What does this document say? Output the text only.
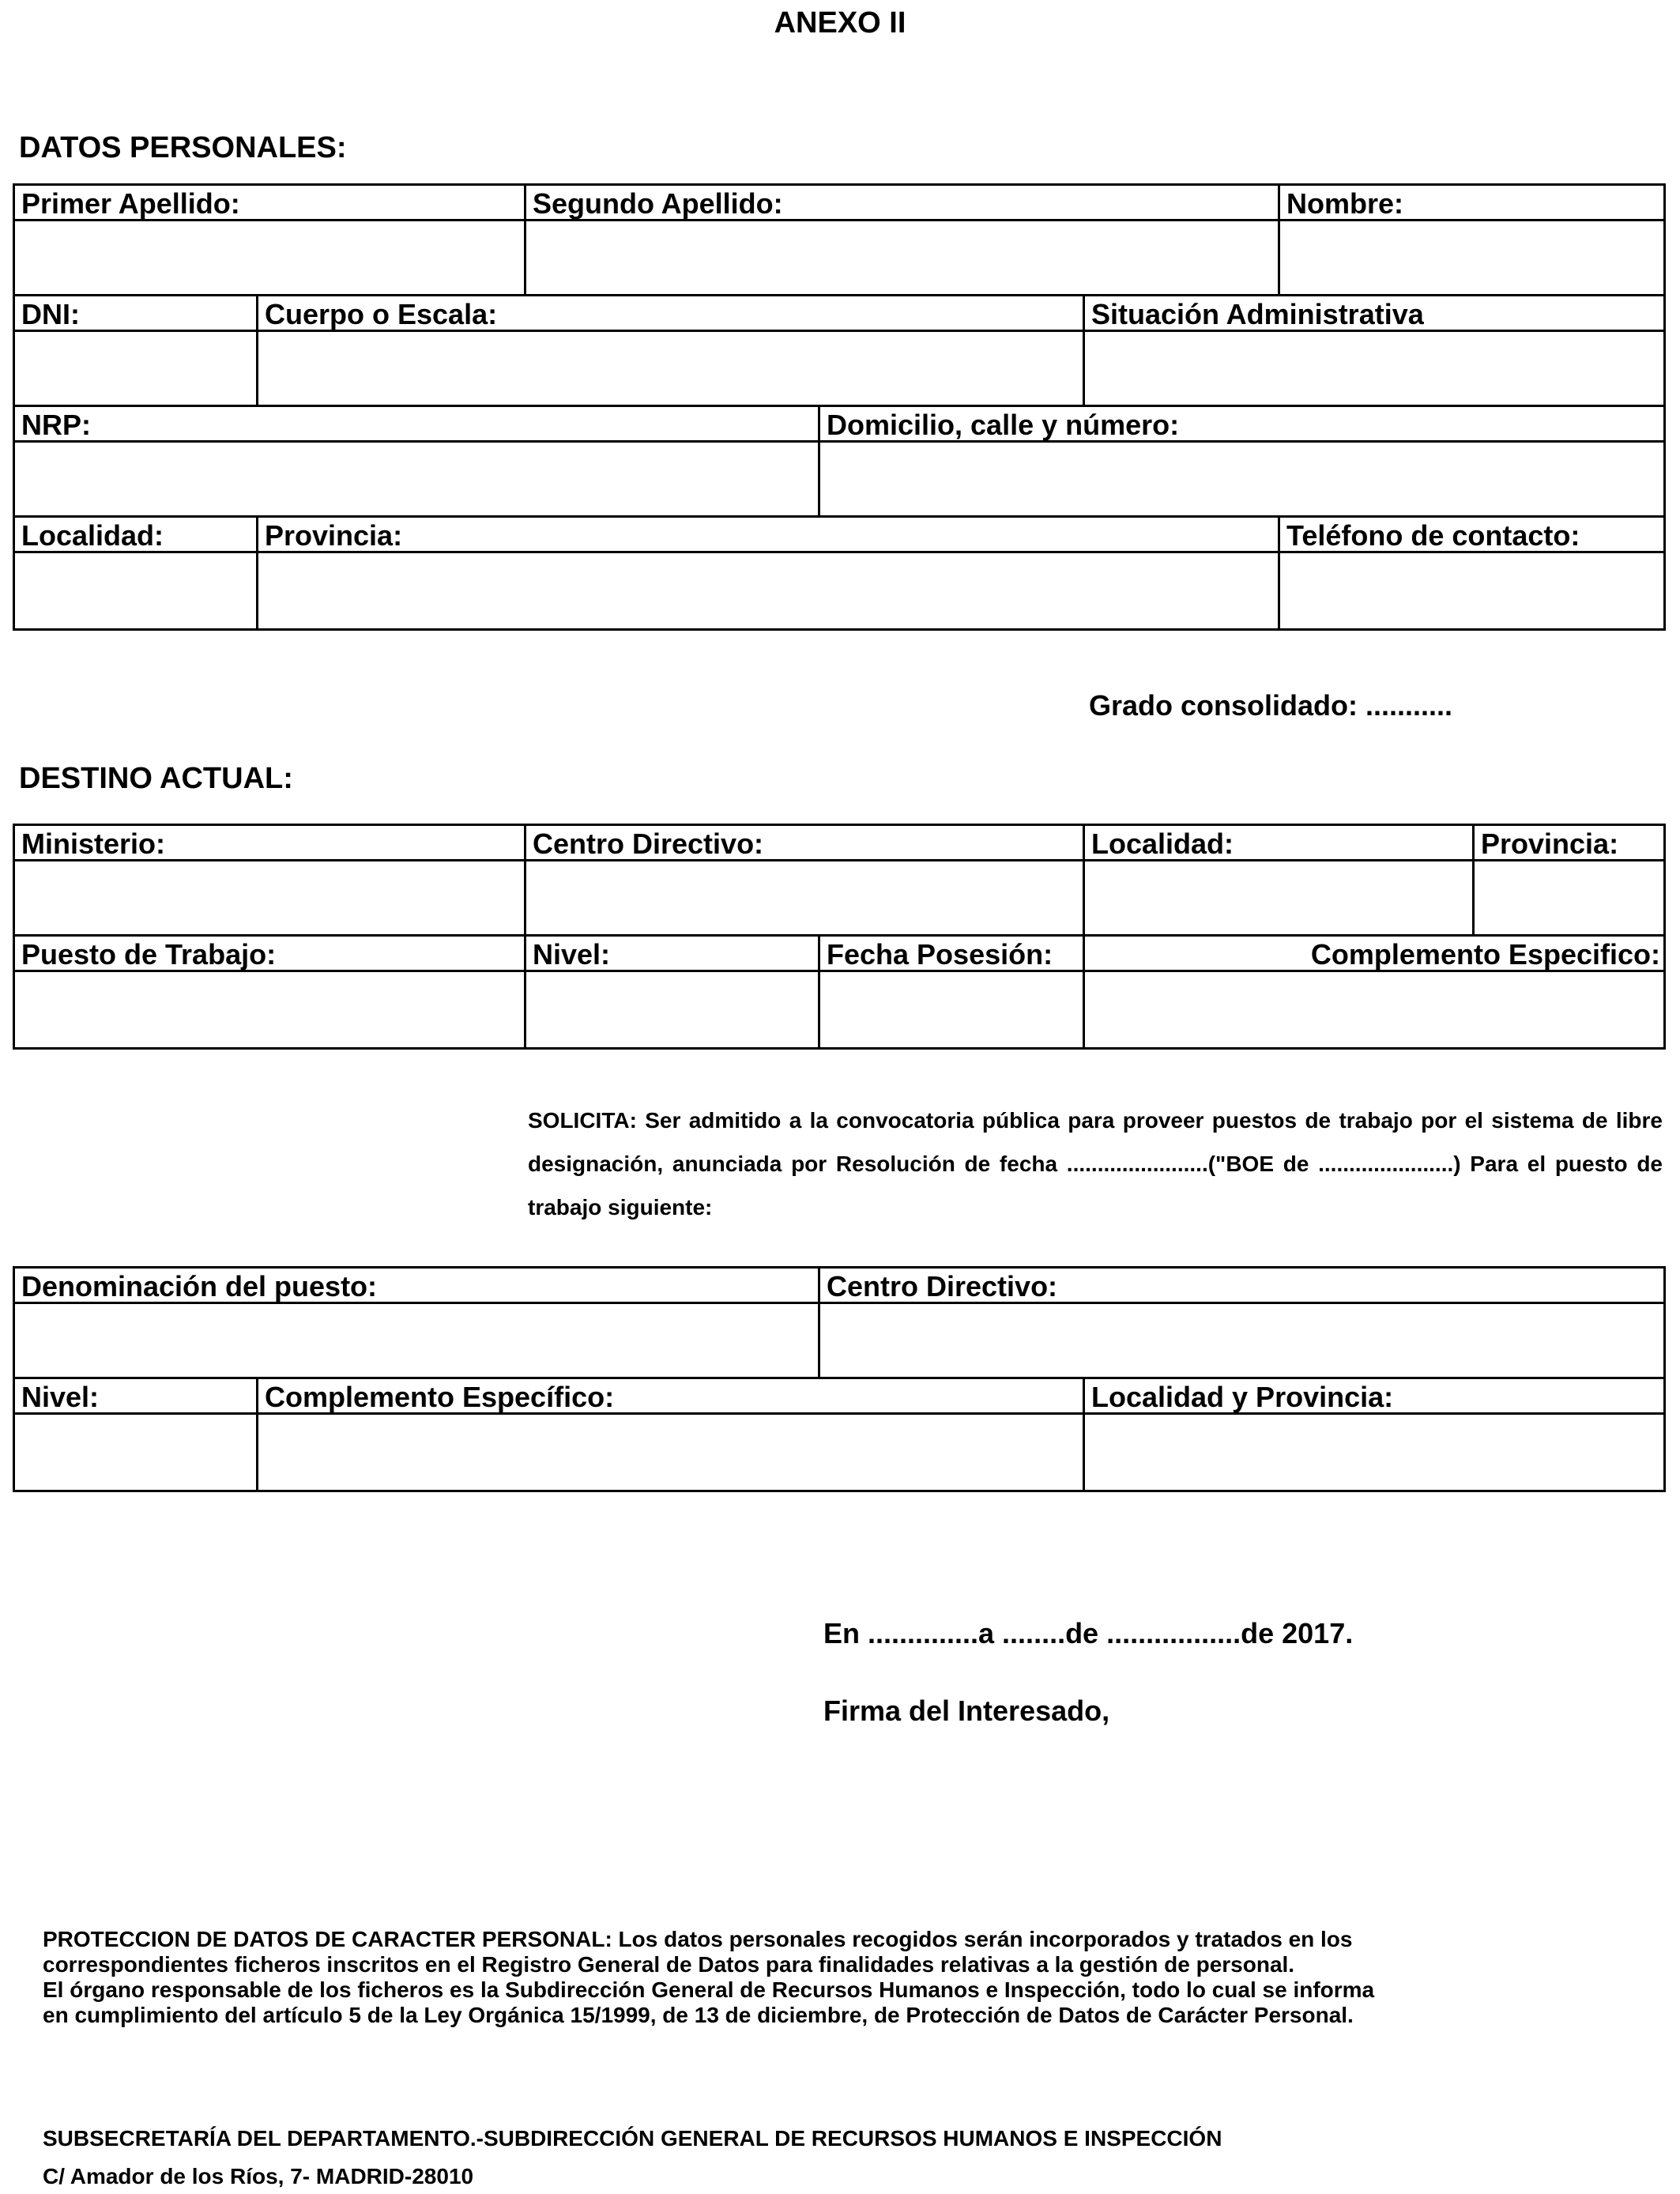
ANEXO II
DATOS PERSONALES:
Primer Apellido:	Segundo Apellido:	Nombre:
DNI:	Cuerpo o Escala:	Situación Administrativa
NRP:	Domicilio, calle y número:
Localidad:	Provincia:	Teléfono de contacto:
Grado consolidado: ...........
DESTINO ACTUAL:
Ministerio:	Centro Directivo:	Localidad:	Provincia:
Puesto de Trabajo:	Nivel:	Fecha Posesión:	Complemento Especifico:
SOLICITA: Ser admitido a la convocatoria pública para proveer puestos de trabajo por el sistema de libre designación, anunciada por Resolución de fecha .......................("BOE de ......................) Para el puesto de trabajo siguiente:
Denominación del puesto:	Centro Directivo:
Nivel:	Complemento Específico:	Localidad y Provincia:
En ..............a ........de .................de 2017.
Firma del Interesado,
PROTECCION DE DATOS DE CARACTER PERSONAL: Los datos personales recogidos serán incorporados y tratados en los
correspondientes ficheros inscritos en el Registro General de Datos para finalidades relativas a la gestión de personal.
El órgano responsable de los ficheros es la Subdirección General de Recursos Humanos e Inspección, todo lo cual se informa
en cumplimiento del artículo 5 de la Ley Orgánica 15/1999, de 13 de diciembre, de Protección de Datos de Carácter Personal.
SUBSECRETARÍA DEL DEPARTAMENTO.-SUBDIRECCIÓN GENERAL DE RECURSOS HUMANOS E INSPECCIÓN
C/ Amador de los Ríos, 7- MADRID-28010
